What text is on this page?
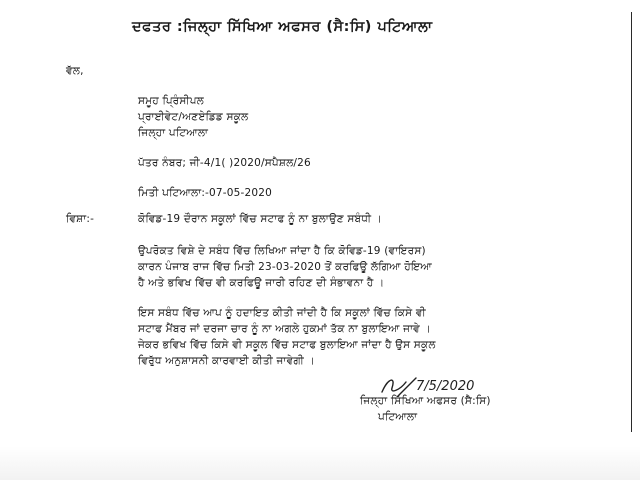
ਦਫਤਰ :ਜਿਲ੍ਹਾ ਸਿੱਖਿਆ ਅਫਸਰ (ਸੈ:ਸਿ) ਪਟਿਆਲਾ
ਵੱਲ,
ਸਮੂਹ ਪ੍ਰਿੰਸੀਪਲ
ਪ੍ਰਾਈਵੇਟ/ਅਣਏਡਿਡ ਸਕੂਲ
ਜਿਲ੍ਹਾ ਪਟਿਆਲਾ
ਪੱਤਰ ਨੰਬਰ; ਜੀ-4/1( )2020/ਸਪੈਸ਼ਲ/26
ਮਿਤੀ ਪਟਿਆਲਾ:-07-05-2020
ਵਿਸ਼ਾ:-	ਕੋਵਿਡ-19 ਦੌਰਾਨ ਸਕੂਲਾਂ ਵਿੱਚ ਸਟਾਫ ਨੂੰ ਨਾ ਬੁਲਾਉਣ ਸਬੰਧੀ ।
ਉਪਰੋਕਤ ਵਿਸ਼ੇ ਦੇ ਸਬੰਧ ਵਿੱਚ ਲਿਖਿਆ ਜਾਂਦਾ ਹੈ ਕਿ ਕੋਵਿਡ-19 (ਵਾਇਰਸ)
ਕਾਰਨ ਪੰਜਾਬ ਰਾਜ ਵਿੱਚ ਮਿਤੀ 23-03-2020 ਤੋਂ ਕਰਫਿਊ ਲੱਗਿਆ ਹੋਇਆ
ਹੈ ਅਤੇ ਭਵਿਖ ਵਿੱਚ ਵੀ ਕਰਫਿਊ ਜਾਰੀ ਰਹਿਣ ਦੀ ਸੰਭਾਵਨਾ ਹੈ ।
ਇਸ ਸਬੰਧ ਵਿੱਚ ਆਪ ਨੂੰ ਹਦਾਇਤ ਕੀਤੀ ਜਾਂਦੀ ਹੈ ਕਿ ਸਕੂਲਾਂ ਵਿੱਚ ਕਿਸੇ ਵੀ
ਸਟਾਫ ਮੈਂਬਰ ਜਾਂ ਦਰਜਾ ਚਾਰ ਨੂੰ ਨਾ ਅਗਲੇ ਹੁਕਮਾਂ ਤੱਕ ਨਾ ਬੁਲਾਇਆ ਜਾਵੇ ।
ਜੇਕਰ ਭਵਿਖ ਵਿੱਚ ਕਿਸੇ ਵੀ ਸਕੂਲ ਵਿੱਚ ਸਟਾਫ ਬੁਲਾਇਆ ਜਾਂਦਾ ਹੈ ਉਸ ਸਕੂਲ
ਵਿਰੁੱਧ ਅਨੁਸ਼ਾਸਨੀ ਕਾਰਵਾਈ ਕੀਤੀ ਜਾਵੇਗੀ ।
7/5/2020
ਜਿਲ੍ਹਾ ਸਿੱਖਿਆ ਅਫਸਰ (ਸੈ:ਸਿ)
ਪਟਿਆਲਾ
